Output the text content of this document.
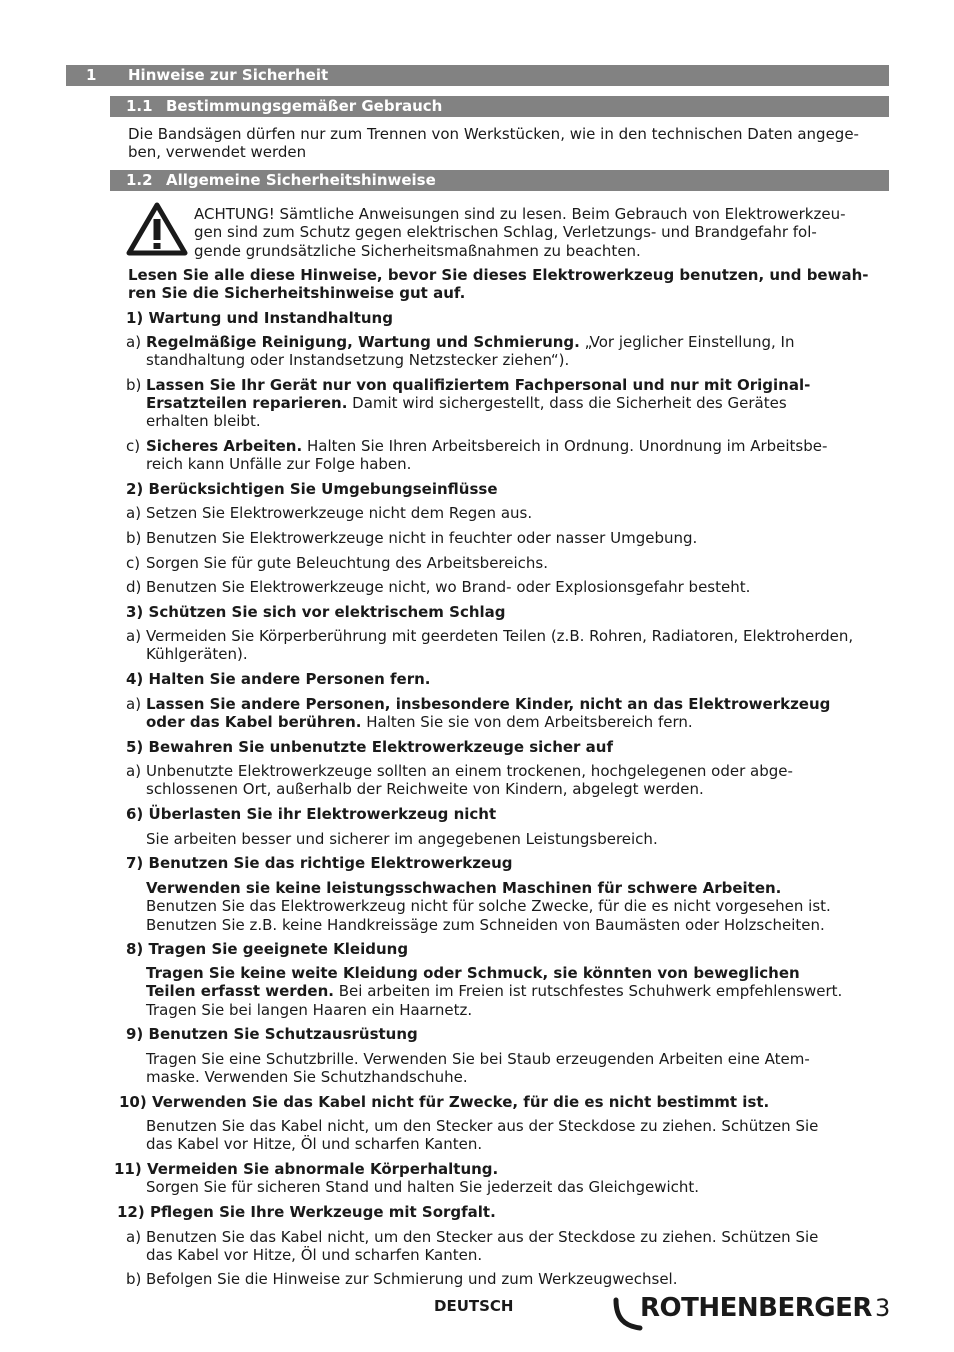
1 Hinweise zur Sicherheit
1.1 Bestimmungsgemäßer Gebrauch
Die Bandsägen dürfen nur zum Trennen von Werkstücken, wie in den technischen Daten angege-
ben, verwendet werden
1.2 Allgemeine Sicherheitshinweise
ACHTUNG! Sämtliche Anweisungen sind zu lesen. Beim Gebrauch von Elektrowerkzeu-
gen sind zum Schutz gegen elektrischen Schlag, Verletzungs- und Brandgefahr fol-
gende grundsätzliche Sicherheitsmaßnahmen zu beachten.
Lesen Sie alle diese Hinweise, bevor Sie dieses Elektrowerkzeug benutzen, und bewah-
ren Sie die Sicherheitshinweise gut auf.
1) Wartung und Instandhaltung
a) Regelmäßige Reinigung, Wartung und Schmierung. „Vor jeglicher Einstellung, In
standhaltung oder Instandsetzung Netzstecker ziehen“).
b) Lassen Sie Ihr Gerät nur von qualifiziertem Fachpersonal und nur mit Original-
Ersatzteilen reparieren. Damit wird sichergestellt, dass die Sicherheit des Gerätes
erhalten bleibt.
c) Sicheres Arbeiten. Halten Sie Ihren Arbeitsbereich in Ordnung. Unordnung im Arbeitsbe-
reich kann Unfälle zur Folge haben.
2) Berücksichtigen Sie Umgebungseinflüsse
a) Setzen Sie Elektrowerkzeuge nicht dem Regen aus.
b) Benutzen Sie Elektrowerkzeuge nicht in feuchter oder nasser Umgebung.
c) Sorgen Sie für gute Beleuchtung des Arbeitsbereichs.
d) Benutzen Sie Elektrowerkzeuge nicht, wo Brand- oder Explosionsgefahr besteht.
3) Schützen Sie sich vor elektrischem Schlag
a) Vermeiden Sie Körperberührung mit geerdeten Teilen (z.B. Rohren, Radiatoren, Elektroherden,
Kühlgeräten).
4) Halten Sie andere Personen fern.
a) Lassen Sie andere Personen, insbesondere Kinder, nicht an das Elektrowerkzeug
oder das Kabel berühren. Halten Sie sie von dem Arbeitsbereich fern.
5) Bewahren Sie unbenutzte Elektrowerkzeuge sicher auf
a) Unbenutzte Elektrowerkzeuge sollten an einem trockenen, hochgelegenen oder abge-
schlossenen Ort, außerhalb der Reichweite von Kindern, abgelegt werden.
6) Überlasten Sie ihr Elektrowerkzeug nicht
Sie arbeiten besser und sicherer im angegebenen Leistungsbereich.
7) Benutzen Sie das richtige Elektrowerkzeug
Verwenden sie keine leistungsschwachen Maschinen für schwere Arbeiten.
Benutzen Sie das Elektrowerkzeug nicht für solche Zwecke, für die es nicht vorgesehen ist.
Benutzen Sie z.B. keine Handkreissäge zum Schneiden von Baumästen oder Holzscheiten.
8) Tragen Sie geeignete Kleidung
Tragen Sie keine weite Kleidung oder Schmuck, sie könnten von beweglichen
Teilen erfasst werden. Bei arbeiten im Freien ist rutschfestes Schuhwerk empfehlenswert.
Tragen Sie bei langen Haaren ein Haarnetz.
9) Benutzen Sie Schutzausrüstung
Tragen Sie eine Schutzbrille. Verwenden Sie bei Staub erzeugenden Arbeiten eine Atem-
maske. Verwenden Sie Schutzhandschuhe.
10) Verwenden Sie das Kabel nicht für Zwecke, für die es nicht bestimmt ist.
Benutzen Sie das Kabel nicht, um den Stecker aus der Steckdose zu ziehen. Schützen Sie
das Kabel vor Hitze, Öl und scharfen Kanten.
11) Vermeiden Sie abnormale Körperhaltung.
Sorgen Sie für sicheren Stand und halten Sie jederzeit das Gleichgewicht.
12) Pflegen Sie Ihre Werkzeuge mit Sorgfalt.
a) Benutzen Sie das Kabel nicht, um den Stecker aus der Steckdose zu ziehen. Schützen Sie
das Kabel vor Hitze, Öl und scharfen Kanten.
b) Befolgen Sie die Hinweise zur Schmierung und zum Werkzeugwechsel.
DEUTSCH	ROTHENBERGER 3
